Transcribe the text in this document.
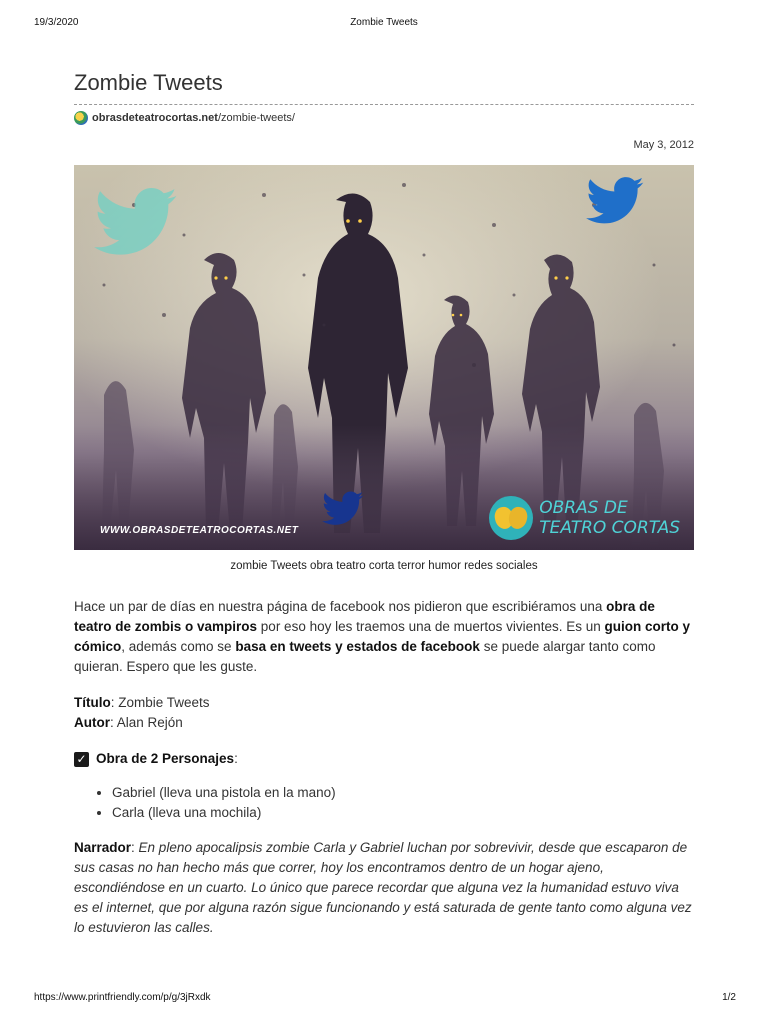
19/3/2020	Zombie Tweets
Zombie Tweets
obrasdeteatrocortas.net /zombie-tweets/
May 3, 2012
WWW.OBRASDETEATROCORTAS.NET
OBRAS DE
TEATRO CORTAS
zombie Tweets obra teatro corta terror humor redes sociales

Hace un par de días en nuestra página de facebook nos pidieron que escribiéramos una obra de teatro de zombis o vampiros por eso hoy les traemos una de muertos vivientes. Es un guion corto y cómico, además como se basa en tweets y estados de facebook se puede alargar tanto como quieran. Espero que les guste.

Título: Zombie Tweets
Autor: Alan Rejón
✓ Obra de 2 Personajes :
• Gabriel (lleva una pistola en la mano)
• Carla (lleva una mochila)

Narrador: En pleno apocalipsis zombie Carla y Gabriel luchan por sobrevivir, desde que escaparon de sus casas no han hecho más que correr, hoy los encontramos dentro de un hogar ajeno, escondiéndose en un cuarto. Lo único que parece recordar que alguna vez la humanidad estuvo viva es el internet, que por alguna razón sigue funcionando y está saturada de gente tanto como alguna vez lo estuvieron las calles.

https://www.printfriendly.com/p/g/3jRxdk	1/2
